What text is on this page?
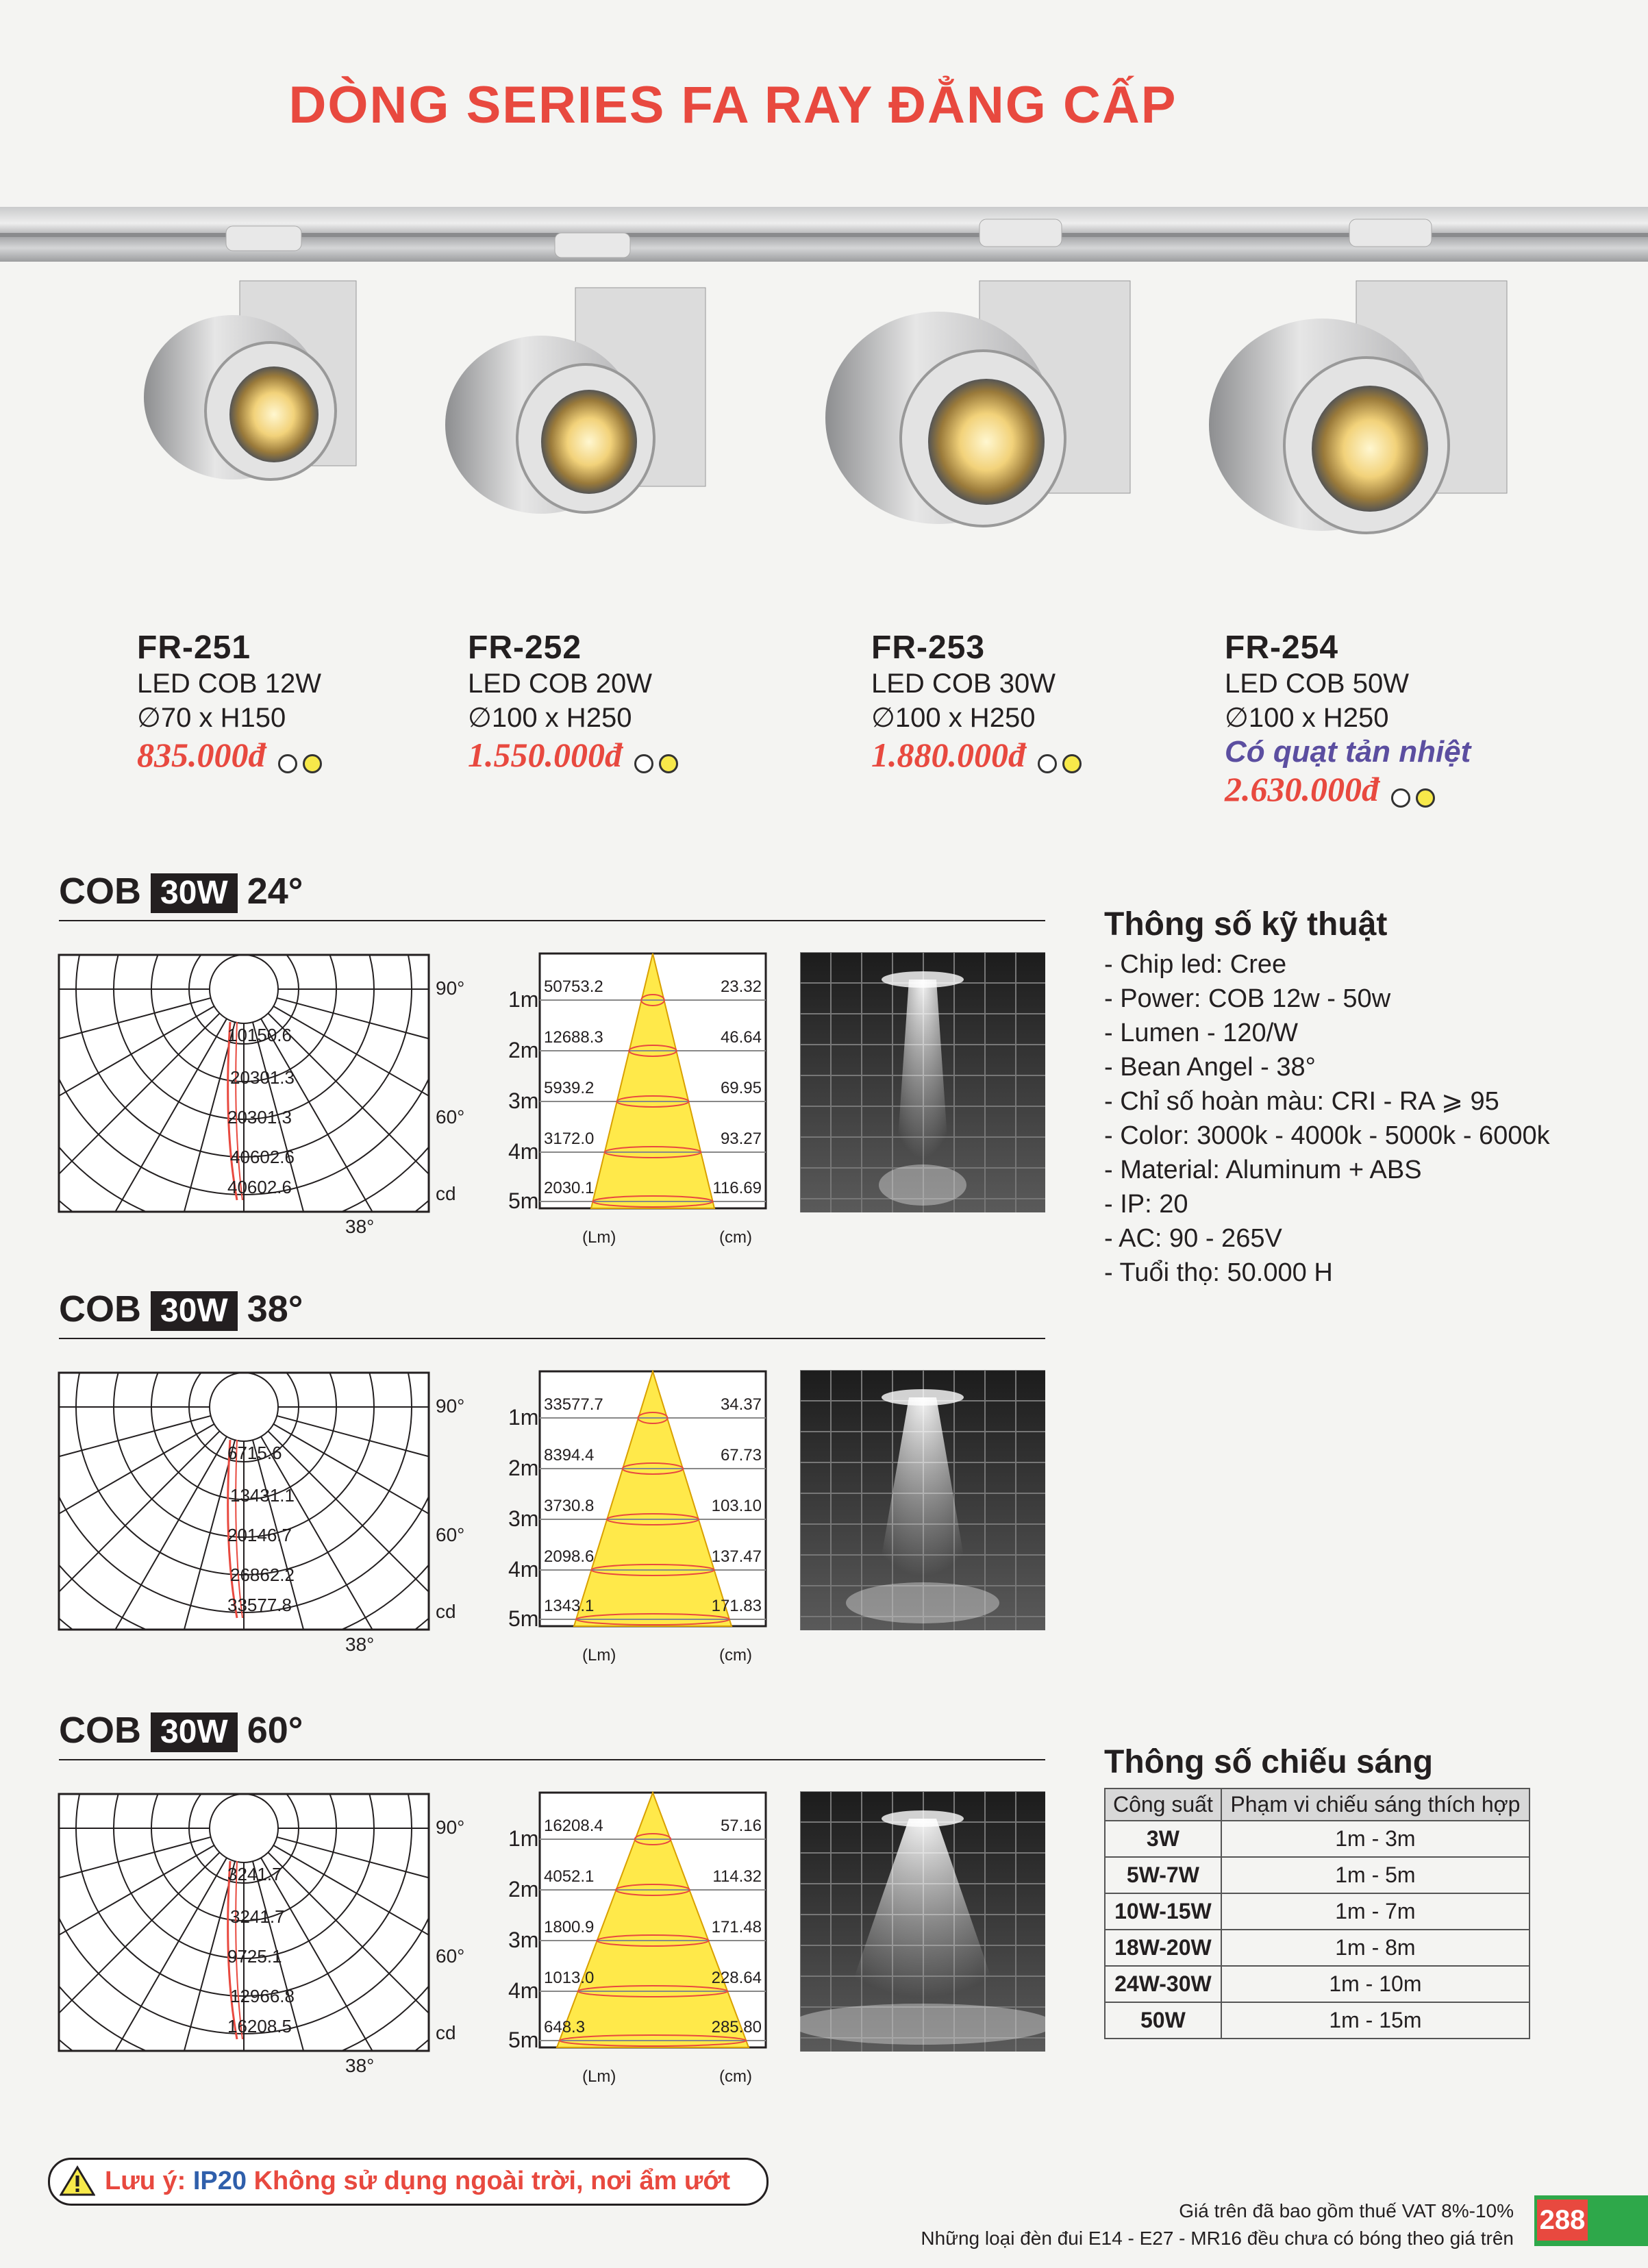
DÒNG SERIES FA RAY ĐẲNG CẤP
FR-251
LED COB 12W
∅70 x H150
835.000đ
FR-252
LED COB 20W
∅100 x H250
1.550.000đ
FR-253
LED COB 30W
∅100 x H250
1.880.000đ
FR-254
LED COB 50W
∅100 x H250
Có quạt tản nhiệt
2.630.000đ
COB 30W 24°
10150.6
20301.3
20301.3
40602.6
40602.6
90°
60°
cd
38°
1m
50753.2	23.32
2m
12688.3	46.64
3m
5939.2	69.95
4m
3172.0	93.27
5m
2030.1	116.69
(Lm)	(cm)
COB 30W 38°
6715.6
13431.1
20146.7
26862.2
33577.8
90°
60°
cd
38°
1m
33577.7	34.37
2m
8394.4	67.73
3m
3730.8	103.10
4m
2098.6	137.47
5m
1343.1	171.83
(Lm)	(cm)
COB 30W 60°
3241.7
3241.7
9725.1
12966.8
16208.5
90°
60°
cd
38°
1m
16208.4	57.16
2m
4052.1	114.32
3m
1800.9	171.48
4m
1013.0	228.64
5m
648.3	285.80
(Lm)	(cm)
Thông số kỹ thuật
- Chip led: Cree
- Power: COB 12w - 50w
- Lumen - 120/W
- Bean Angel - 38°
- Chỉ số hoàn màu: CRI - RA ⩾ 95
- Color: 3000k - 4000k - 5000k - 6000k
- Material: Aluminum + ABS
- IP: 20
- AC: 90 - 265V
- Tuổi thọ: 50.000 H
Thông số chiếu sáng
Công suất	Phạm vi chiếu sáng thích hợp
3W	1m - 3m
5W-7W	1m - 5m
10W-15W	1m - 7m
18W-20W	1m - 8m
24W-30W	1m - 10m
50W	1m - 15m
Lưu ý: IP20 Không sử dụng ngoài trời, nơi ẩm ướt
Giá trên đã bao gồm thuế VAT 8%-10%
Những loại đèn đui E14 - E27 - MR16 đều chưa có bóng theo giá trên
288
